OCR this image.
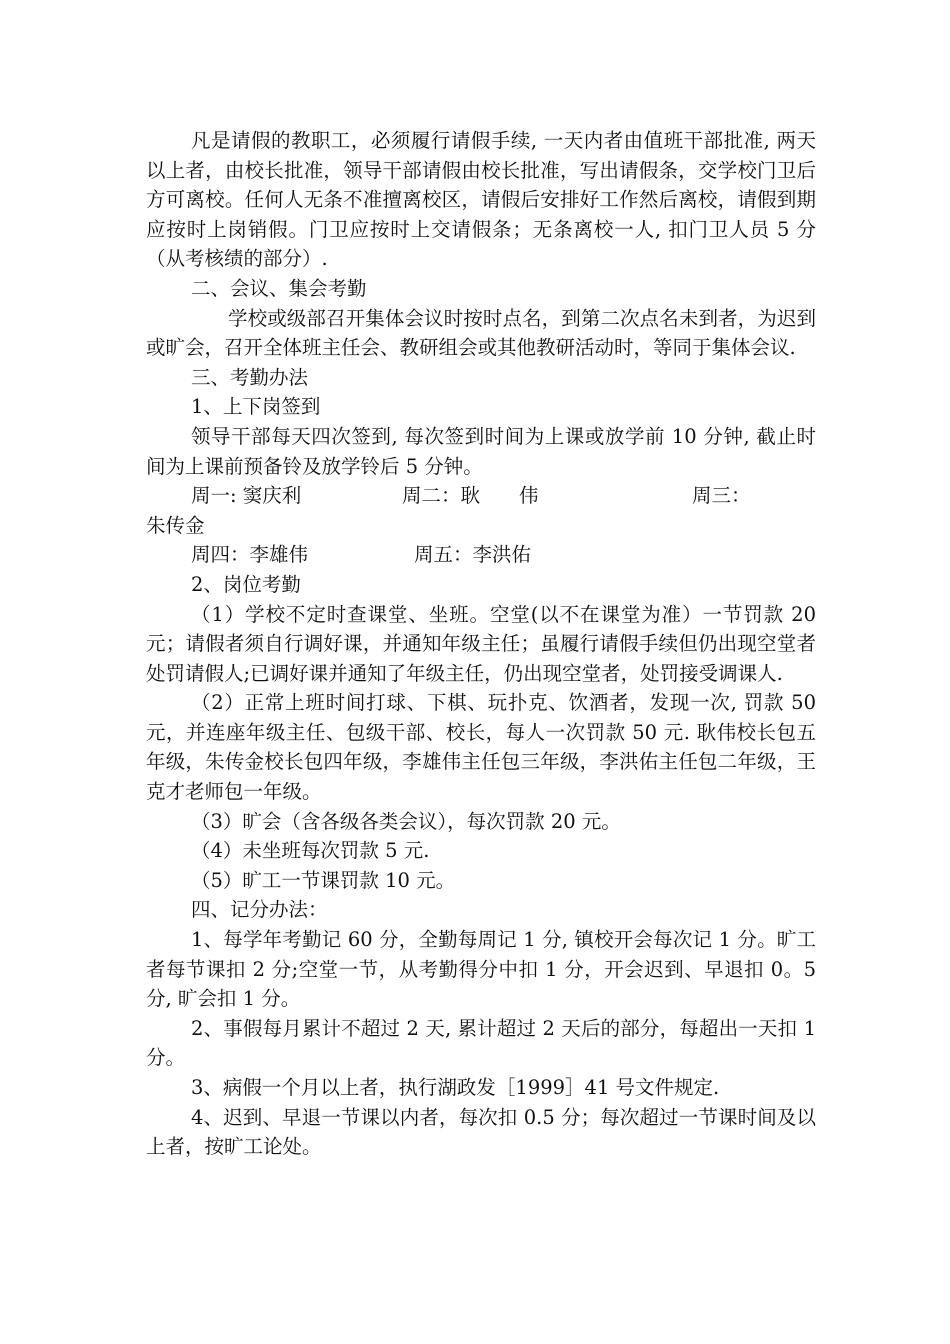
凡是请假的教职工，必须履行请假手续, 一天内者由值班干部批准, 两天以上者，由校长批准，领导干部请假由校长批准，写出请假条，交学校门卫后方可离校。任何人无条不准擅离校区，请假后安排好工作然后离校，请假到期应按时上岗销假。门卫应按时上交请假条；无条离校一人, 扣门卫人员 5 分（从考核绩的部分）.

二、会议、集会考勤

学校或级部召开集体会议时按时点名，到第二次点名未到者，为迟到或旷会，召开全体班主任会、教研组会或其他教研活动时，等同于集体会议.

三、考勤办法

1、上下岗签到

领导干部每天四次签到, 每次签到时间为上课或放学前 10 分钟, 截止时间为上课前预备铃及放学铃后 5 分钟。

周一: 窦庆利	周二：耿　　伟	周三：

朱传金

周四：李雄伟	周五：李洪佑

2、岗位考勤

（1）学校不定时查课堂、坐班。空堂(以不在课堂为准）一节罚款 20 元；请假者须自行调好课，并通知年级主任；虽履行请假手续但仍出现空堂者处罚请假人;已调好课并通知了年级主任，仍出现空堂者，处罚接受调课人.

（2）正常上班时间打球、下棋、玩扑克、饮酒者，发现一次, 罚款 50 元，并连座年级主任、包级干部、校长，每人一次罚款 50 元. 耿伟校长包五年级，朱传金校长包四年级，李雄伟主任包三年级，李洪佑主任包二年级，王克才老师包一年级。

（3）旷会（含各级各类会议），每次罚款 20 元。

（4）未坐班每次罚款 5 元.

（5）旷工一节课罚款 10 元。

四、记分办法：

1、每学年考勤记 60 分，全勤每周记 1 分, 镇校开会每次记 1 分。旷工者每节课扣 2 分;空堂一节，从考勤得分中扣 1 分，开会迟到、早退扣 0。5 分, 旷会扣 1 分。

2、事假每月累计不超过 2 天, 累计超过 2 天后的部分，每超出一天扣 1 分。

3、病假一个月以上者，执行湖政发［1999］41 号文件规定.

4、迟到、早退一节课以内者，每次扣 0.5 分；每次超过一节课时间及以上者，按旷工论处。
